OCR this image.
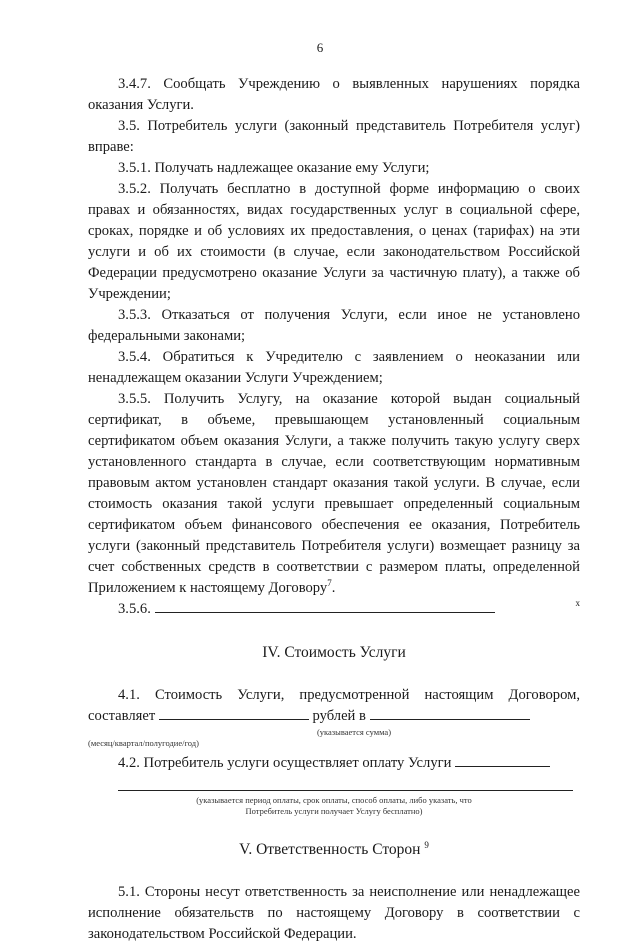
6

3.4.7. Сообщать Учреждению о выявленных нарушениях порядка оказания Услуги.

3.5. Потребитель услуги (законный представитель Потребителя услуг) вправе:

3.5.1. Получать надлежащее оказание ему Услуги;

3.5.2. Получать бесплатно в доступной форме информацию о своих правах и обязанностях, видах государственных услуг в социальной сфере, сроках, порядке и об условиях их предоставления, о ценах (тарифах) на эти услуги и об их стоимости (в случае, если законодательством Российской Федерации предусмотрено оказание Услуги за частичную плату), а также об Учреждении;

3.5.3. Отказаться от получения Услуги, если иное не установлено федеральными законами;

3.5.4. Обратиться к Учредителю с заявлением о неоказании или ненадлежащем оказании Услуги Учреждением;

3.5.5. Получить Услугу, на оказание которой выдан социальный сертификат, в объеме, превышающем установленный социальным сертификатом объем оказания Услуги, а также получить такую услугу сверх установленного стандарта в случае, если соответствующим нормативным правовым актом установлен стандарт оказания такой услуги. В случае, если стоимость оказания такой услуги превышает определенный социальным сертификатом объем финансового обеспечения ее оказания, Потребитель услуги (законный представитель Потребителя услуги) возмещает разницу за счет собственных средств в соответствии с размером платы, определенной Приложением к настоящему Договору$^7$.

3.5.6.	x

IV. Стоимость Услуги

4.1. Стоимость Услуги, предусмотренной настоящим Договором, составляет	рублей в

(указывается сумма)
(месяц/квартал/полугодие/год)

4.2. Потребитель услуги осуществляет оплату Услуги

(указывается период оплаты, срок оплаты, способ оплаты, либо указать, что
Потребитель услуги получает Услугу бесплатно)

V. Ответственность Сторон $^9$

5.1. Стороны несут ответственность за неисполнение или ненадлежащее исполнение обязательств по настоящему Договору в соответствии с законодательством Российской Федерации.
